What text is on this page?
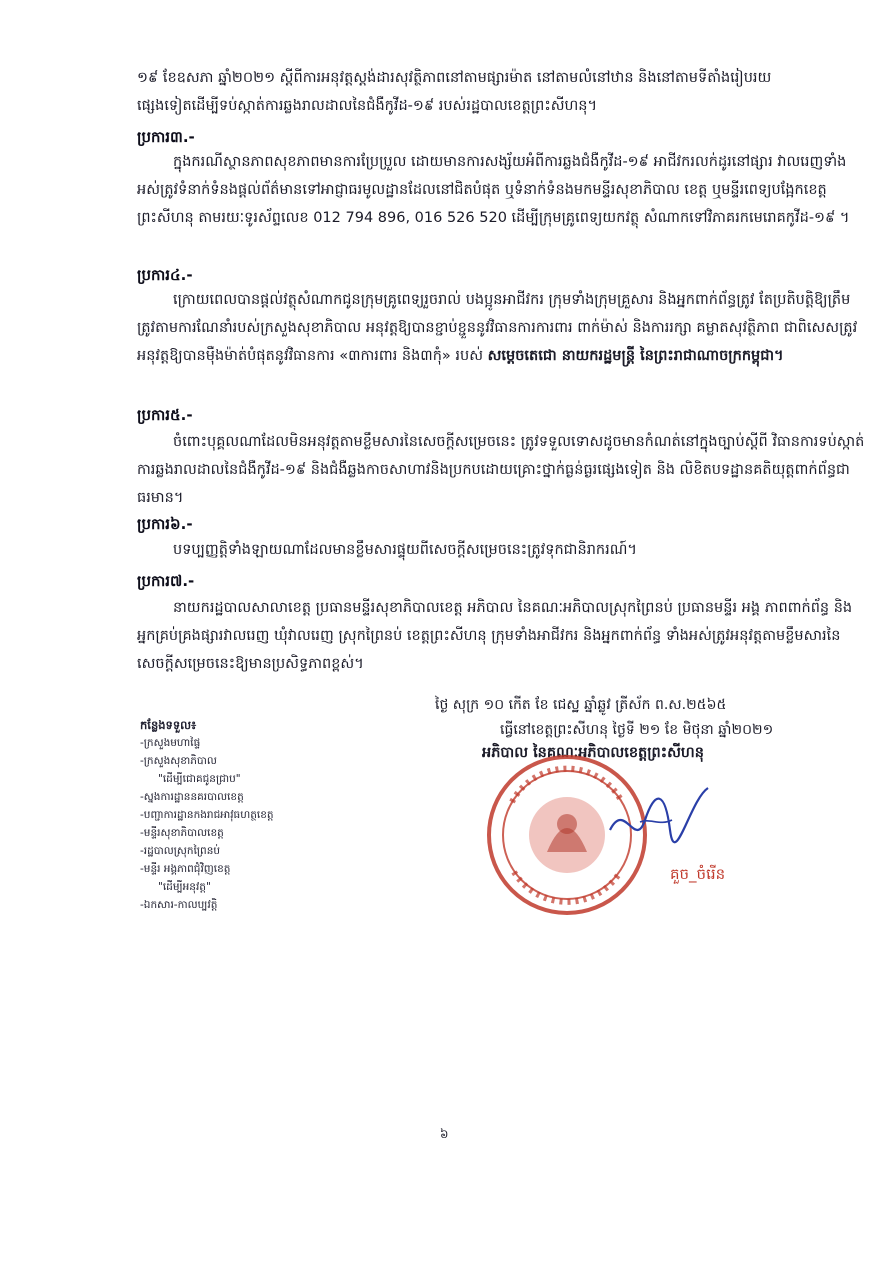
១៩ ខែឧសភា ឆ្នាំ២០២១ ស្តីពីការអនុវត្តស្តង់ដារសុវត្ថិភាពនៅតាមផ្សារម៉ាត នៅតាមលំនៅឋាន និងនៅតាមទីតាំងរៀបរយ

ផ្សេងទៀតដើម្បីទប់ស្កាត់ការឆ្លងរាលដាលនៃជំងឺកូវីដ-១៩ របស់រដ្ឋបាលខេត្តព្រះសីហនុ។

ប្រការ៣.-

ក្នុងករណីស្ថានភាពសុខភាពមានការប្រែប្រួល ដោយមានការសង្ស័យអំពីការឆ្លងជំងឺកូវីដ-១៩ អាជីវករលក់ដូរនៅផ្សារ វាលរេញទាំងអស់ត្រូវទំនាក់ទំនងផ្តល់ព័ត៌មានទៅអាជ្ញាធរមូលដ្ឋានដែលនៅជិតបំផុត ឬទំនាក់ទំនងមកមន្ទីរសុខាភិបាល ខេត្ត ឬមន្ទីរពេទ្យបង្អែកខេត្តព្រះសីហនុ តាមរយៈទូរស័ព្ទលេខ 012 794 896, 016 526 520 ដើម្បីក្រុមគ្រូពេទ្យយកវត្ថុ សំណាកទៅវិភាគរកមេរោគកូវីដ-១៩ ។

ប្រការ៤.-

ក្រោយពេលបានផ្តល់វត្ថុសំណាកជូនក្រុមគ្រូពេទ្យរួចរាល់ បងប្អូនអាជីវករ ក្រុមទាំងក្រុមគ្រួសារ និងអ្នកពាក់ព័ន្ធត្រូវ តែប្រតិបត្តិឱ្យត្រឹមត្រូវតាមការណែនាំរបស់ក្រសួងសុខាភិបាល អនុវត្តឱ្យបានខ្ជាប់ខ្ជួននូវវិធានការការពារ ពាក់ម៉ាស់ និងការរក្សា គម្លាតសុវត្ថិភាព ជាពិសេសត្រូវអនុវត្តឱ្យបានម៉ឺងម៉ាត់បំផុតនូវវិធានការ «៣ការពារ និង៣កុំ» របស់ សម្តេចតេជោ នាយករដ្ឋមន្ត្រី នៃព្រះរាជាណាចក្រកម្ពុជា។

ប្រការ៥.-

ចំពោះបុគ្គលណាដែលមិនអនុវត្តតាមខ្លឹមសារនៃសេចក្តីសម្រេចនេះ ត្រូវទទួលទោសដូចមានកំណត់នៅក្នុងច្បាប់ស្តីពី វិធានការទប់ស្កាត់ការឆ្លងរាលដាលនៃជំងឺកូវីដ-១៩ និងជំងឺឆ្លងកាចសាហាវនិងប្រកបដោយគ្រោះថ្នាក់ធ្ងន់ធ្ងរផ្សេងទៀត និង លិខិតបទដ្ឋានគតិយុត្តពាក់ព័ន្ធជាធរមាន។

ប្រការ៦.-

បទប្បញ្ញត្តិទាំងឡាយណាដែលមានខ្លឹមសារផ្ទុយពីសេចក្តីសម្រេចនេះត្រូវទុកជានិរាករណ៍។

ប្រការ៧.-

នាយករដ្ឋបាលសាលាខេត្ត ប្រធានមន្ទីរសុខាភិបាលខេត្ត អភិបាល នៃគណៈអភិបាលស្រុកព្រៃនប់ ប្រធានមន្ទីរ អង្គ ភាពពាក់ព័ន្ធ និងអ្នកគ្រប់គ្រងផ្សារវាលរេញ ឃុំវាលរេញ ស្រុកព្រៃនប់ ខេត្តព្រះសីហនុ ក្រុមទាំងអាជីវករ និងអ្នកពាក់ព័ន្ធ ទាំងអស់ត្រូវអនុវត្តតាមខ្លឹមសារនៃសេចក្តីសម្រេចនេះឱ្យមានប្រសិទ្ធភាពខ្ពស់។

ថ្ងៃ សុក្រ ១០ កើត ខែ ជេស្ឋ ឆ្នាំឆ្លូវ ត្រីស័ក ព.ស.២៥៦៥
ធ្វើនៅខេត្តព្រះសីហនុ ថ្ងៃទី ២១ ខែ មិថុនា ឆ្នាំ២០២១
អភិបាល នៃគណៈអភិបាលខេត្តព្រះសីហនុ
គួច_ចំរើន
កន្លែងទទួល៖
-ក្រសួងមហាផ្ទៃ
-ក្រសួងសុខាភិបាល
"ដើម្បីជោគជូនជ្រាប"
-ស្នងការដ្ឋាននគរបាលខេត្ត
-បញ្ជាការដ្ឋានកងរាជអាវុធហត្ថខេត្ត
-មន្ទីរសុខាភិបាលខេត្ត
-រដ្ឋបាលស្រុកព្រៃនប់
-មន្ទីរ អង្គភាពជុំវិញខេត្ត
"ដើម្បីអនុវត្ត"
-ឯកសារ-កាលប្បវត្តិ
៦
